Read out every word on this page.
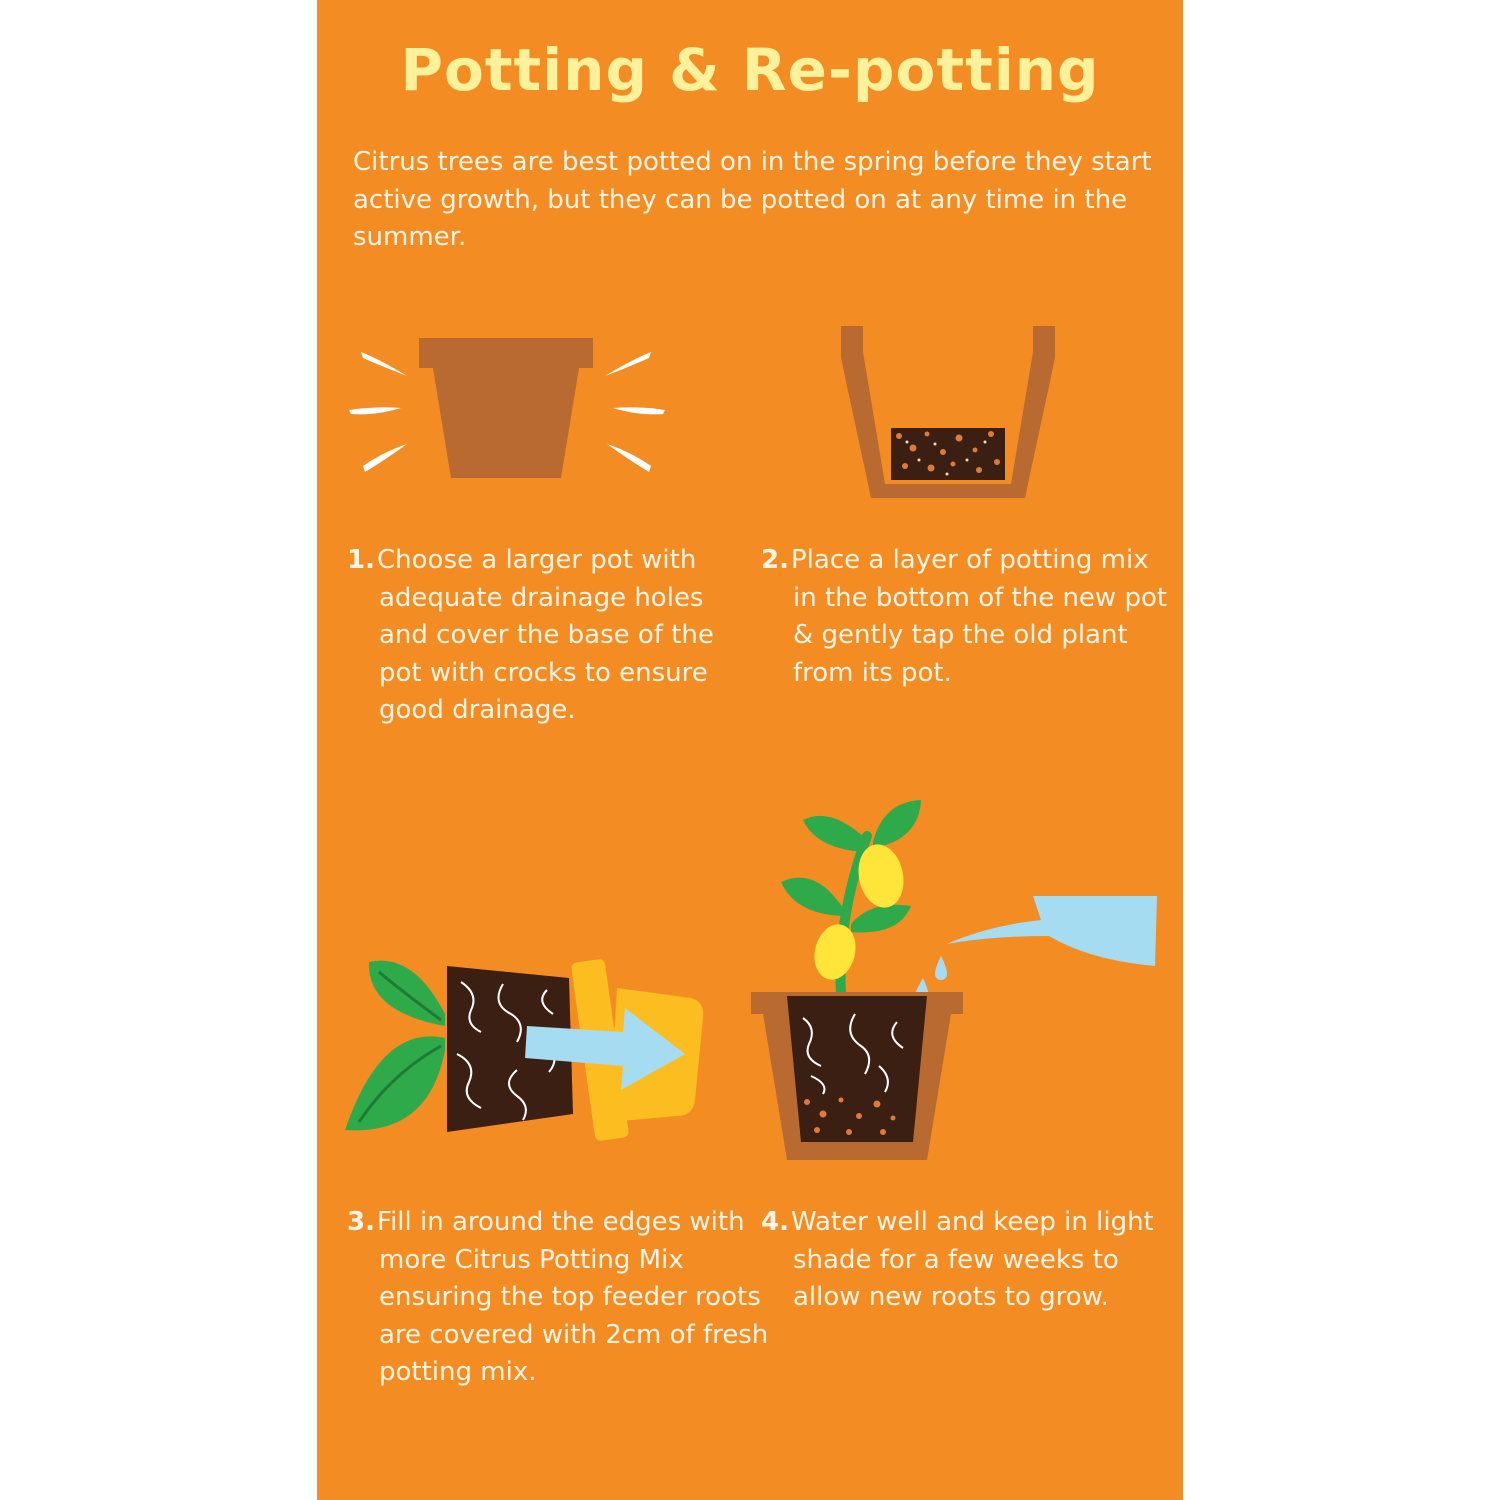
Potting & Re-potting

Citrus trees are best potted on in the spring before they start active growth, but they can be potted on at any time in the summer.

1.Choose a larger pot with adequate drainage holes and cover the base of the pot with crocks to ensure good drainage.

2.Place a layer of potting mix in the bottom of the new pot & gently tap the old plant from its pot.

3.Fill in around the edges with more Citrus Potting Mix ensuring the top feeder roots are covered with 2cm of fresh potting mix.

4.Water well and keep in light shade for a few weeks to allow new roots to grow.
